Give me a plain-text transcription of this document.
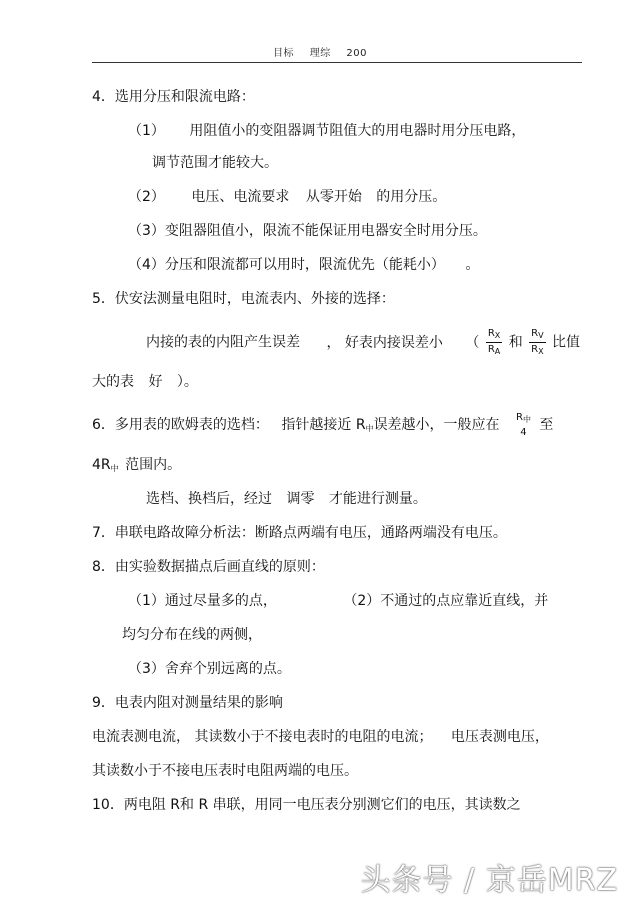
目标 理综 200
4．选用分压和限流电路：
（1） 用阻值小的变阻器调节阻值大的用电器时用分压电路，
调节范围才能较大。
（2） 电压、电流要求 从零开始 的用分压。
（3）变阻器阻值小，限流不能保证用电器安全时用分压。
（4）分压和限流都可以用时，限流优先（能耗小） 。
5．伏安法测量电阻时，电流表内、外接的选择：
内接的表的内阻产生误差 ， 好表内接误差小 （ $\frac{R_X}{R_A}$ 和 $\frac{R_V}{R_X}$ 比值
大的表 好 ）。
6．多用表的欧姆表的选档： 指针越接近 $R_中$误差越小，一般应在 $R_中$
4 至
$4R_中$ 范围内。
选档、换档后，经过 调零 才能进行测量。
7．串联电路故障分析法：断路点两端有电压，通路两端没有电压。
8．由实验数据描点后画直线的原则：
（1）通过尽量多的点，	（2）不通过的点应靠近直线，并
均匀分布在线的两侧，
（3）舍弃个别远离的点。
9．电表内阻对测量结果的影响
电流表测电流， 其读数小于不接电表时的电阻的电流； 电压表测电压，
其读数小于不接电压表时电阻两端的电压。
10．两电阻 R和 R 串联，用同一电压表分别测它们的电压，其读数之
头条号 / 京岳MRZ
